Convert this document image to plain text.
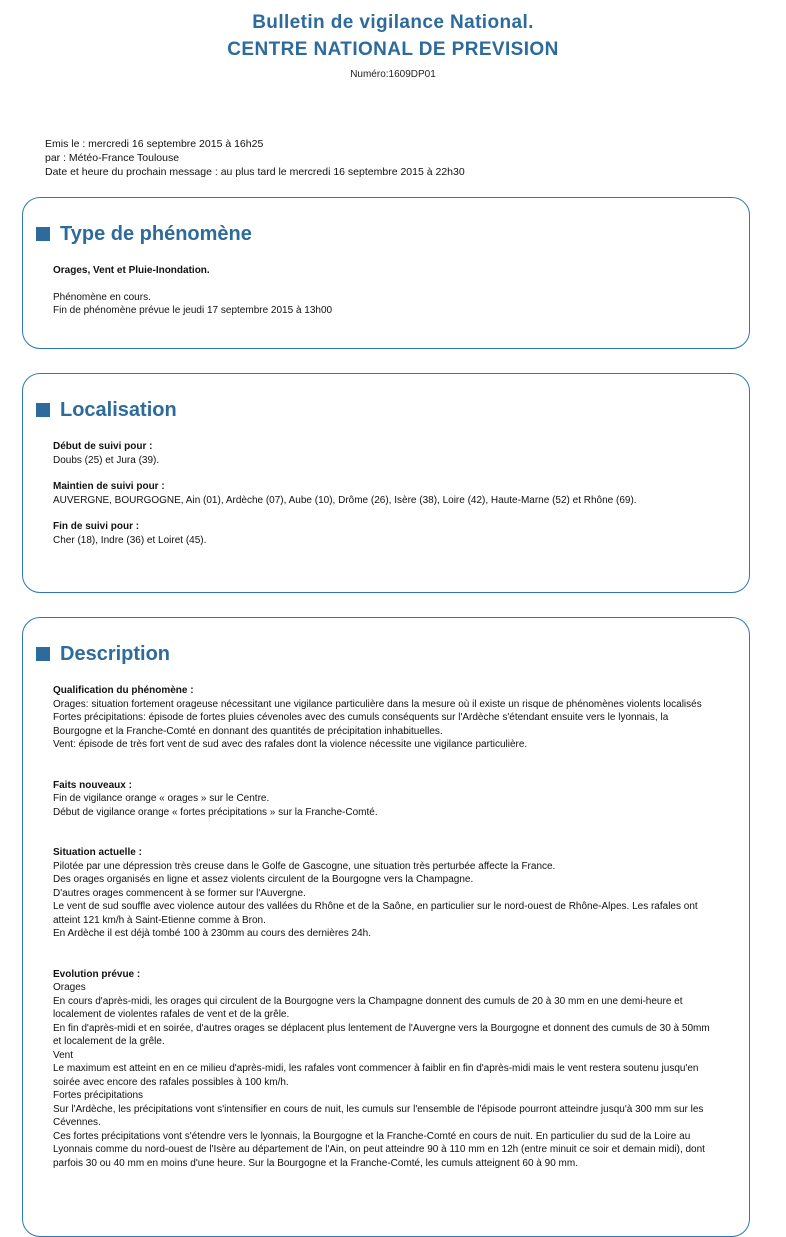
Bulletin de vigilance National.
CENTRE NATIONAL DE PREVISION
Numéro:1609DP01
Emis le : mercredi 16 septembre 2015 à 16h25
par : Météo-France Toulouse
Date et heure du prochain message : au plus tard le mercredi 16 septembre 2015 à 22h30
Type de phénomène
Orages, Vent et Pluie-Inondation.
Phénomène en cours.
Fin de phénomène prévue le jeudi 17 septembre 2015 à 13h00
Localisation
Début de suivi pour :
Doubs (25) et Jura (39).
Maintien de suivi pour :
AUVERGNE, BOURGOGNE, Ain (01), Ardèche (07), Aube (10), Drôme (26), Isère (38), Loire (42), Haute-Marne (52) et Rhône (69).
Fin de suivi pour :
Cher (18), Indre (36) et Loiret (45).
Description
Qualification du phénomène :
Orages: situation fortement orageuse nécessitant une vigilance particulière dans la mesure où il existe un risque de phénomènes violents localisés
Fortes précipitations: épisode de fortes pluies cévenoles avec des cumuls conséquents sur l'Ardèche s'étendant ensuite vers le lyonnais, la Bourgogne et la Franche-Comté en donnant des quantités de précipitation inhabituelles.
Vent: épisode de très fort vent de sud avec des rafales dont la violence nécessite une vigilance particulière.
Faits nouveaux :
Fin de vigilance orange « orages » sur le Centre.
Début de vigilance orange « fortes précipitations » sur la Franche-Comté.
Situation actuelle :
Pilotée par une dépression très creuse dans le Golfe de Gascogne, une situation très perturbée affecte la France.
Des orages organisés en ligne et assez violents circulent de la Bourgogne vers la Champagne.
D'autres orages commencent à se former sur l'Auvergne.
Le vent de sud souffle avec violence autour des vallées du Rhône et de la Saône, en particulier sur le nord-ouest de Rhône-Alpes. Les rafales ont atteint 121 km/h à Saint-Etienne comme à Bron.
En Ardèche il est déjà tombé 100 à 230mm au cours des dernières 24h.
Evolution prévue :
Orages
En cours d'après-midi, les orages qui circulent de la Bourgogne vers la Champagne donnent des cumuls de 20 à 30 mm en une demi-heure et localement de violentes rafales de vent et de la grêle.
En fin d'après-midi et en soirée, d'autres orages se déplacent plus lentement de l'Auvergne vers la Bourgogne et donnent des cumuls de 30 à 50mm et localement de la grêle.
Vent
Le maximum est atteint en en ce milieu d'après-midi, les rafales vont commencer à faiblir en fin d'après-midi mais le vent restera soutenu jusqu'en soirée avec encore des rafales possibles à 100 km/h.
Fortes précipitations
Sur l'Ardèche, les précipitations vont s'intensifier en cours de nuit, les cumuls sur l'ensemble de l'épisode pourront atteindre jusqu'à 300 mm sur les Cévennes.
Ces fortes précipitations vont s'étendre vers le lyonnais, la Bourgogne et la Franche-Comté en cours de nuit. En particulier du sud de la Loire au Lyonnais comme du nord-ouest de l'Isère au département de l'Ain, on peut atteindre 90 à 110 mm en 12h (entre minuit ce soir et demain midi), dont parfois 30 ou 40 mm en moins d'une heure. Sur la Bourgogne et la Franche-Comté, les cumuls atteignent 60 à 90 mm.
